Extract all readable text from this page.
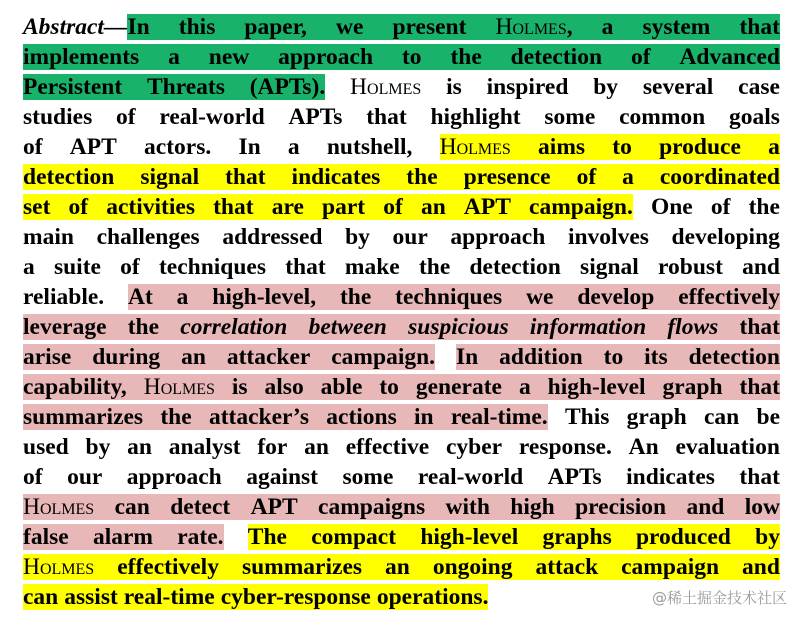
Abstract—In this paper, we present Holmes, a system that
implements a new approach to the detection of Advanced
Persistent Threats (APTs). Holmes is inspired by several case
studies of real-world APTs that highlight some common goals
of APT actors. In a nutshell, Holmes aims to produce a
detection signal that indicates the presence of a coordinated
set of activities that are part of an APT campaign. One of the
main challenges addressed by our approach involves developing
a suite of techniques that make the detection signal robust and
reliable. At a high-level, the techniques we develop effectively
leverage the correlation between suspicious information flows that
arise during an attacker campaign. In addition to its detection
capability, Holmes is also able to generate a high-level graph that
summarizes the attacker’s actions in real-time. This graph can be
used by an analyst for an effective cyber response. An evaluation
of our approach against some real-world APTs indicates that
Holmes can detect APT campaigns with high precision and low
false alarm rate. The compact high-level graphs produced by
Holmes effectively summarizes an ongoing attack campaign and
can assist real-time cyber-response operations.	@稀土掘金技术社区
